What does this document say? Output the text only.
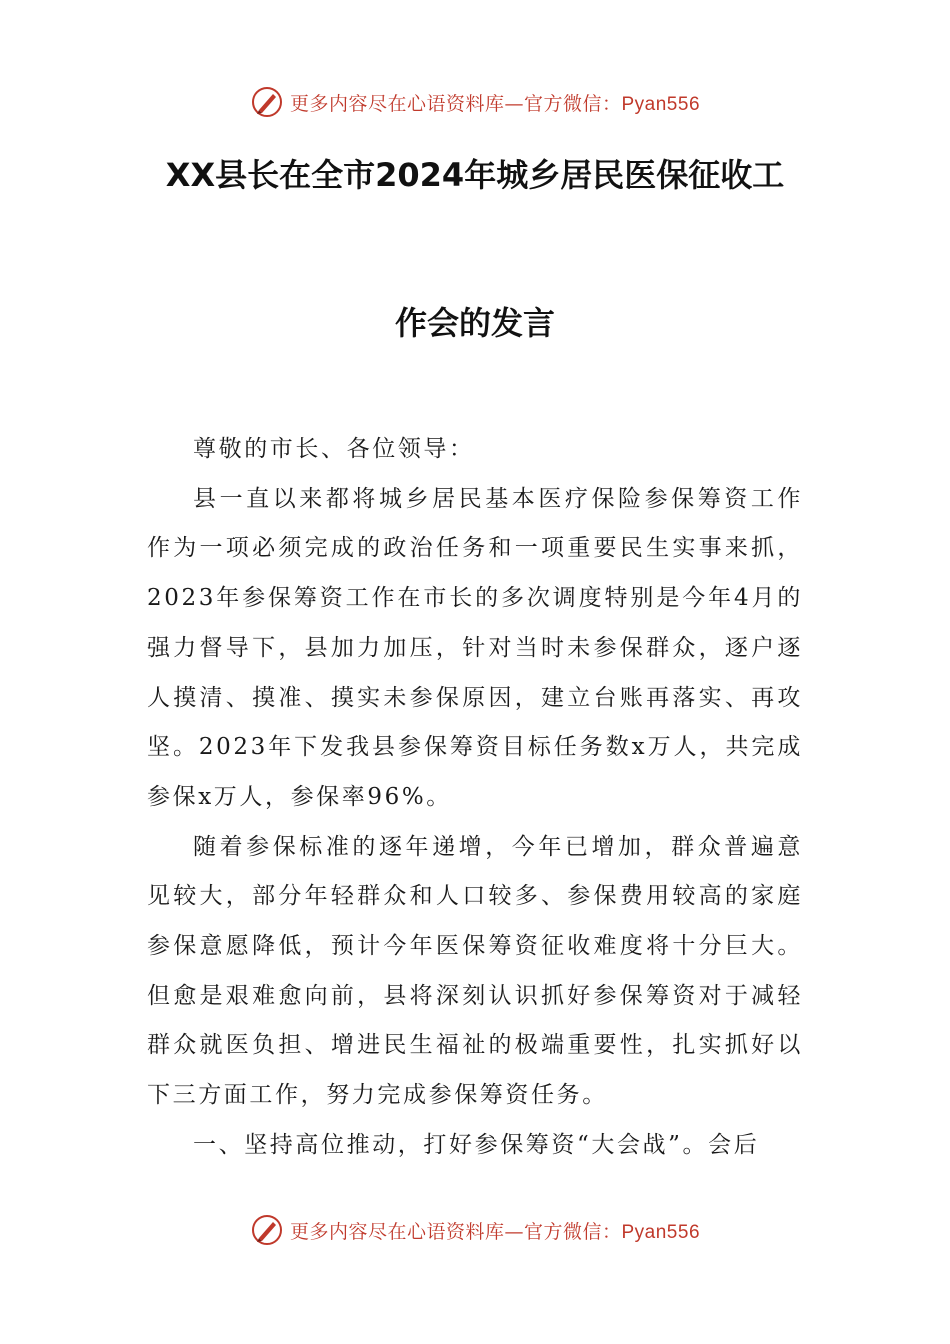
更多内容尽在心语资料库—官方微信：Pyan556
XX县长在全市2024年城乡居民医保征收工
作会的发言

尊敬的市长、各位领导：

县一直以来都将城乡居民基本医疗保险参保筹资工作作为一项必须完成的政治任务和一项重要民生实事来抓，2023年参保筹资工作在市长的多次调度特别是今年4月的强力督导下，县加力加压，针对当时未参保群众，逐户逐人摸清、摸准、摸实未参保原因，建立台账再落实、再攻坚。2023年下发我县参保筹资目标任务数x万人，共完成参保x万人，参保率96%。

随着参保标准的逐年递增，今年已增加，群众普遍意见较大，部分年轻群众和人口较多、参保费用较高的家庭参保意愿降低，预计今年医保筹资征收难度将十分巨大。但愈是艰难愈向前，县将深刻认识抓好参保筹资对于减轻群众就医负担、增进民生福祉的极端重要性，扎实抓好以下三方面工作，努力完成参保筹资任务。

一、坚持高位推动，打好参保筹资“大会战”。会后

更多内容尽在心语资料库—官方微信：Pyan556
